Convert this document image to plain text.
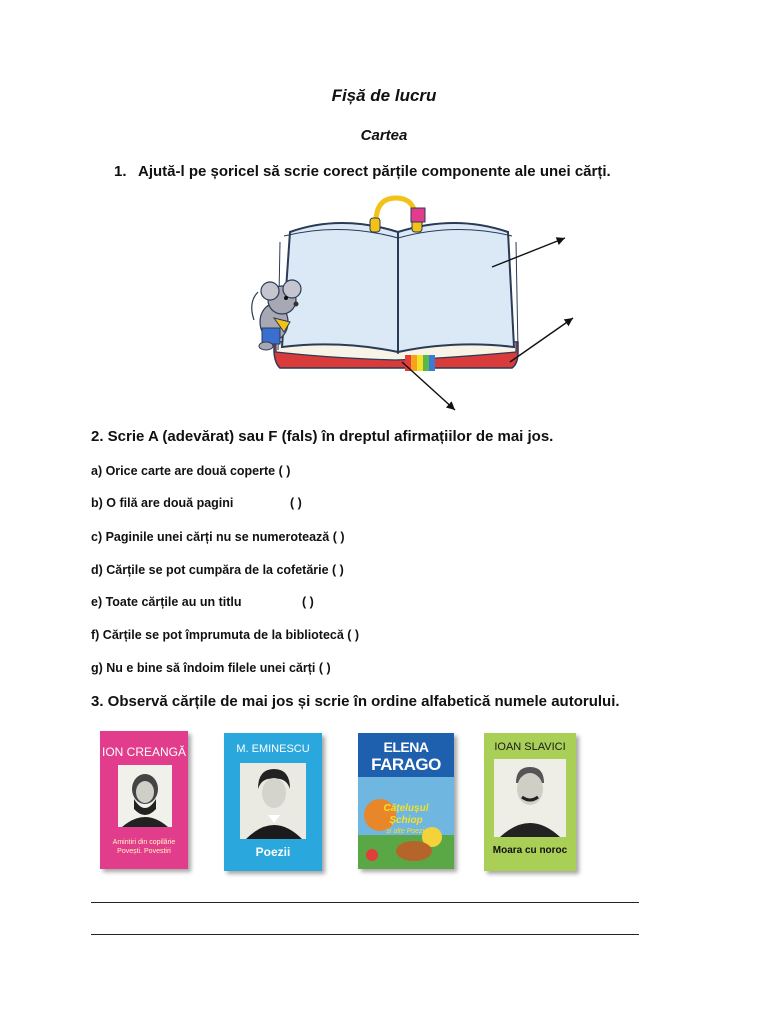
Fișă de lucru
Cartea
1. Ajută-l pe șoricel să scrie corect părțile componente ale unei cărți.
2. Scrie A (adevărat) sau F (fals) în dreptul afirmațiilor de mai jos.
a) Orice carte are două coperte ( )
b) O filă are două pagini	( )
c) Paginile unei cărți nu se numerotează ( )
d) Cărțile se pot cumpăra de la cofetărie ( )
e) Toate cărțile au un titlu	( )
f) Cărțile se pot împrumuta de la bibliotecă ( )
g) Nu e bine să îndoim filele unei cărți ( )
3. Observă cărțile de mai jos și scrie în ordine alfabetică numele autorului.
ION CREANGĂ
Amintiri din copilărie
Povești. Povestiri
M. EMINESCU
Poezii
ELENA
FARAGO
Cățelușul
Șchiop
și alte Poezii
IOAN SLAVICI
Moara cu noroc
